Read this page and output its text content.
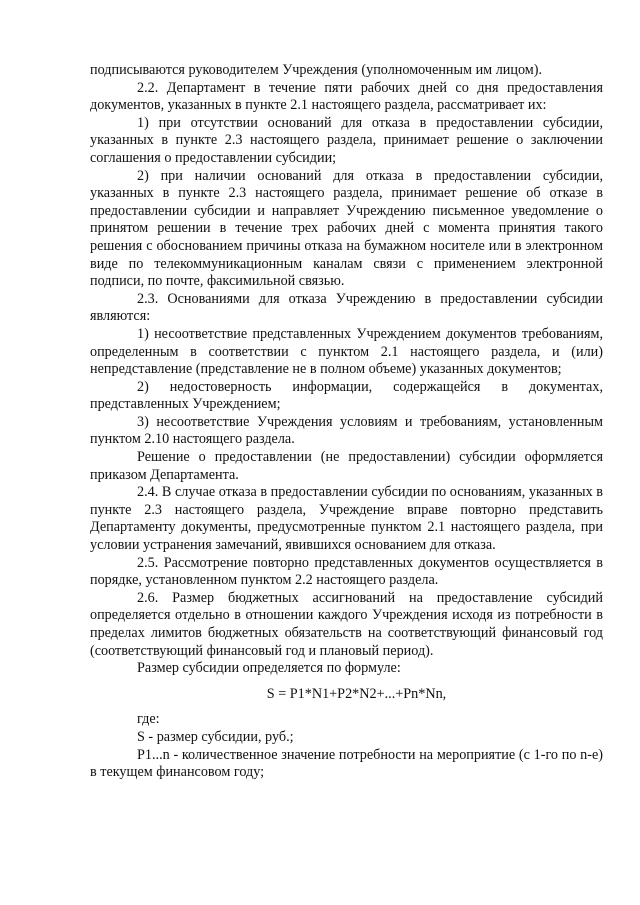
подписываются руководителем Учреждения (уполномоченным им лицом).

2.2. Департамент в течение пяти рабочих дней со дня предоставления документов, указанных в пункте 2.1 настоящего раздела, рассматривает их:

1) при отсутствии оснований для отказа в предоставлении субсидии, указанных в пункте 2.3 настоящего раздела, принимает решение о заключении соглашения о предоставлении субсидии;

2) при наличии оснований для отказа в предоставлении субсидии, указанных в пункте 2.3 настоящего раздела, принимает решение об отказе в предоставлении субсидии и направляет Учреждению письменное уведомление о принятом решении в течение трех рабочих дней с момента принятия такого решения с обоснованием причины отказа на бумажном носителе или в электронном виде по телекоммуникационным каналам связи с применением электронной подписи, по почте, факсимильной связью.

2.3. Основаниями для отказа Учреждению в предоставлении субсидии являются:

1) несоответствие представленных Учреждением документов требованиям, определенным в соответствии с пунктом 2.1 настоящего раздела, и (или) непредставление (представление не в полном объеме) указанных документов;

2) недостоверность информации, содержащейся в документах, представленных Учреждением;

3) несоответствие Учреждения условиям и требованиям, установленным пунктом 2.10 настоящего раздела.

Решение о предоставлении (не предоставлении) субсидии оформляется приказом Департамента.

2.4. В случае отказа в предоставлении субсидии по основаниям, указанных в пункте 2.3 настоящего раздела, Учреждение вправе повторно представить Департаменту документы, предусмотренные пунктом 2.1 настоящего раздела, при условии устранения замечаний, явившихся основанием для отказа.

2.5. Рассмотрение повторно представленных документов осуществляется в порядке, установленном пунктом 2.2 настоящего раздела.

2.6. Размер бюджетных ассигнований на предоставление субсидий определяется отдельно в отношении каждого Учреждения исходя из потребности в пределах лимитов бюджетных обязательств на соответствующий финансовый год (соответствующий финансовый год и плановый период).

Размер субсидии определяется по формуле:

S = P1*N1+P2*N2+...+Pn*Nn,

где:

S - размер субсидии, руб.;

P1...n - количественное значение потребности на мероприятие (с 1-го по n-е) в текущем финансовом году;
